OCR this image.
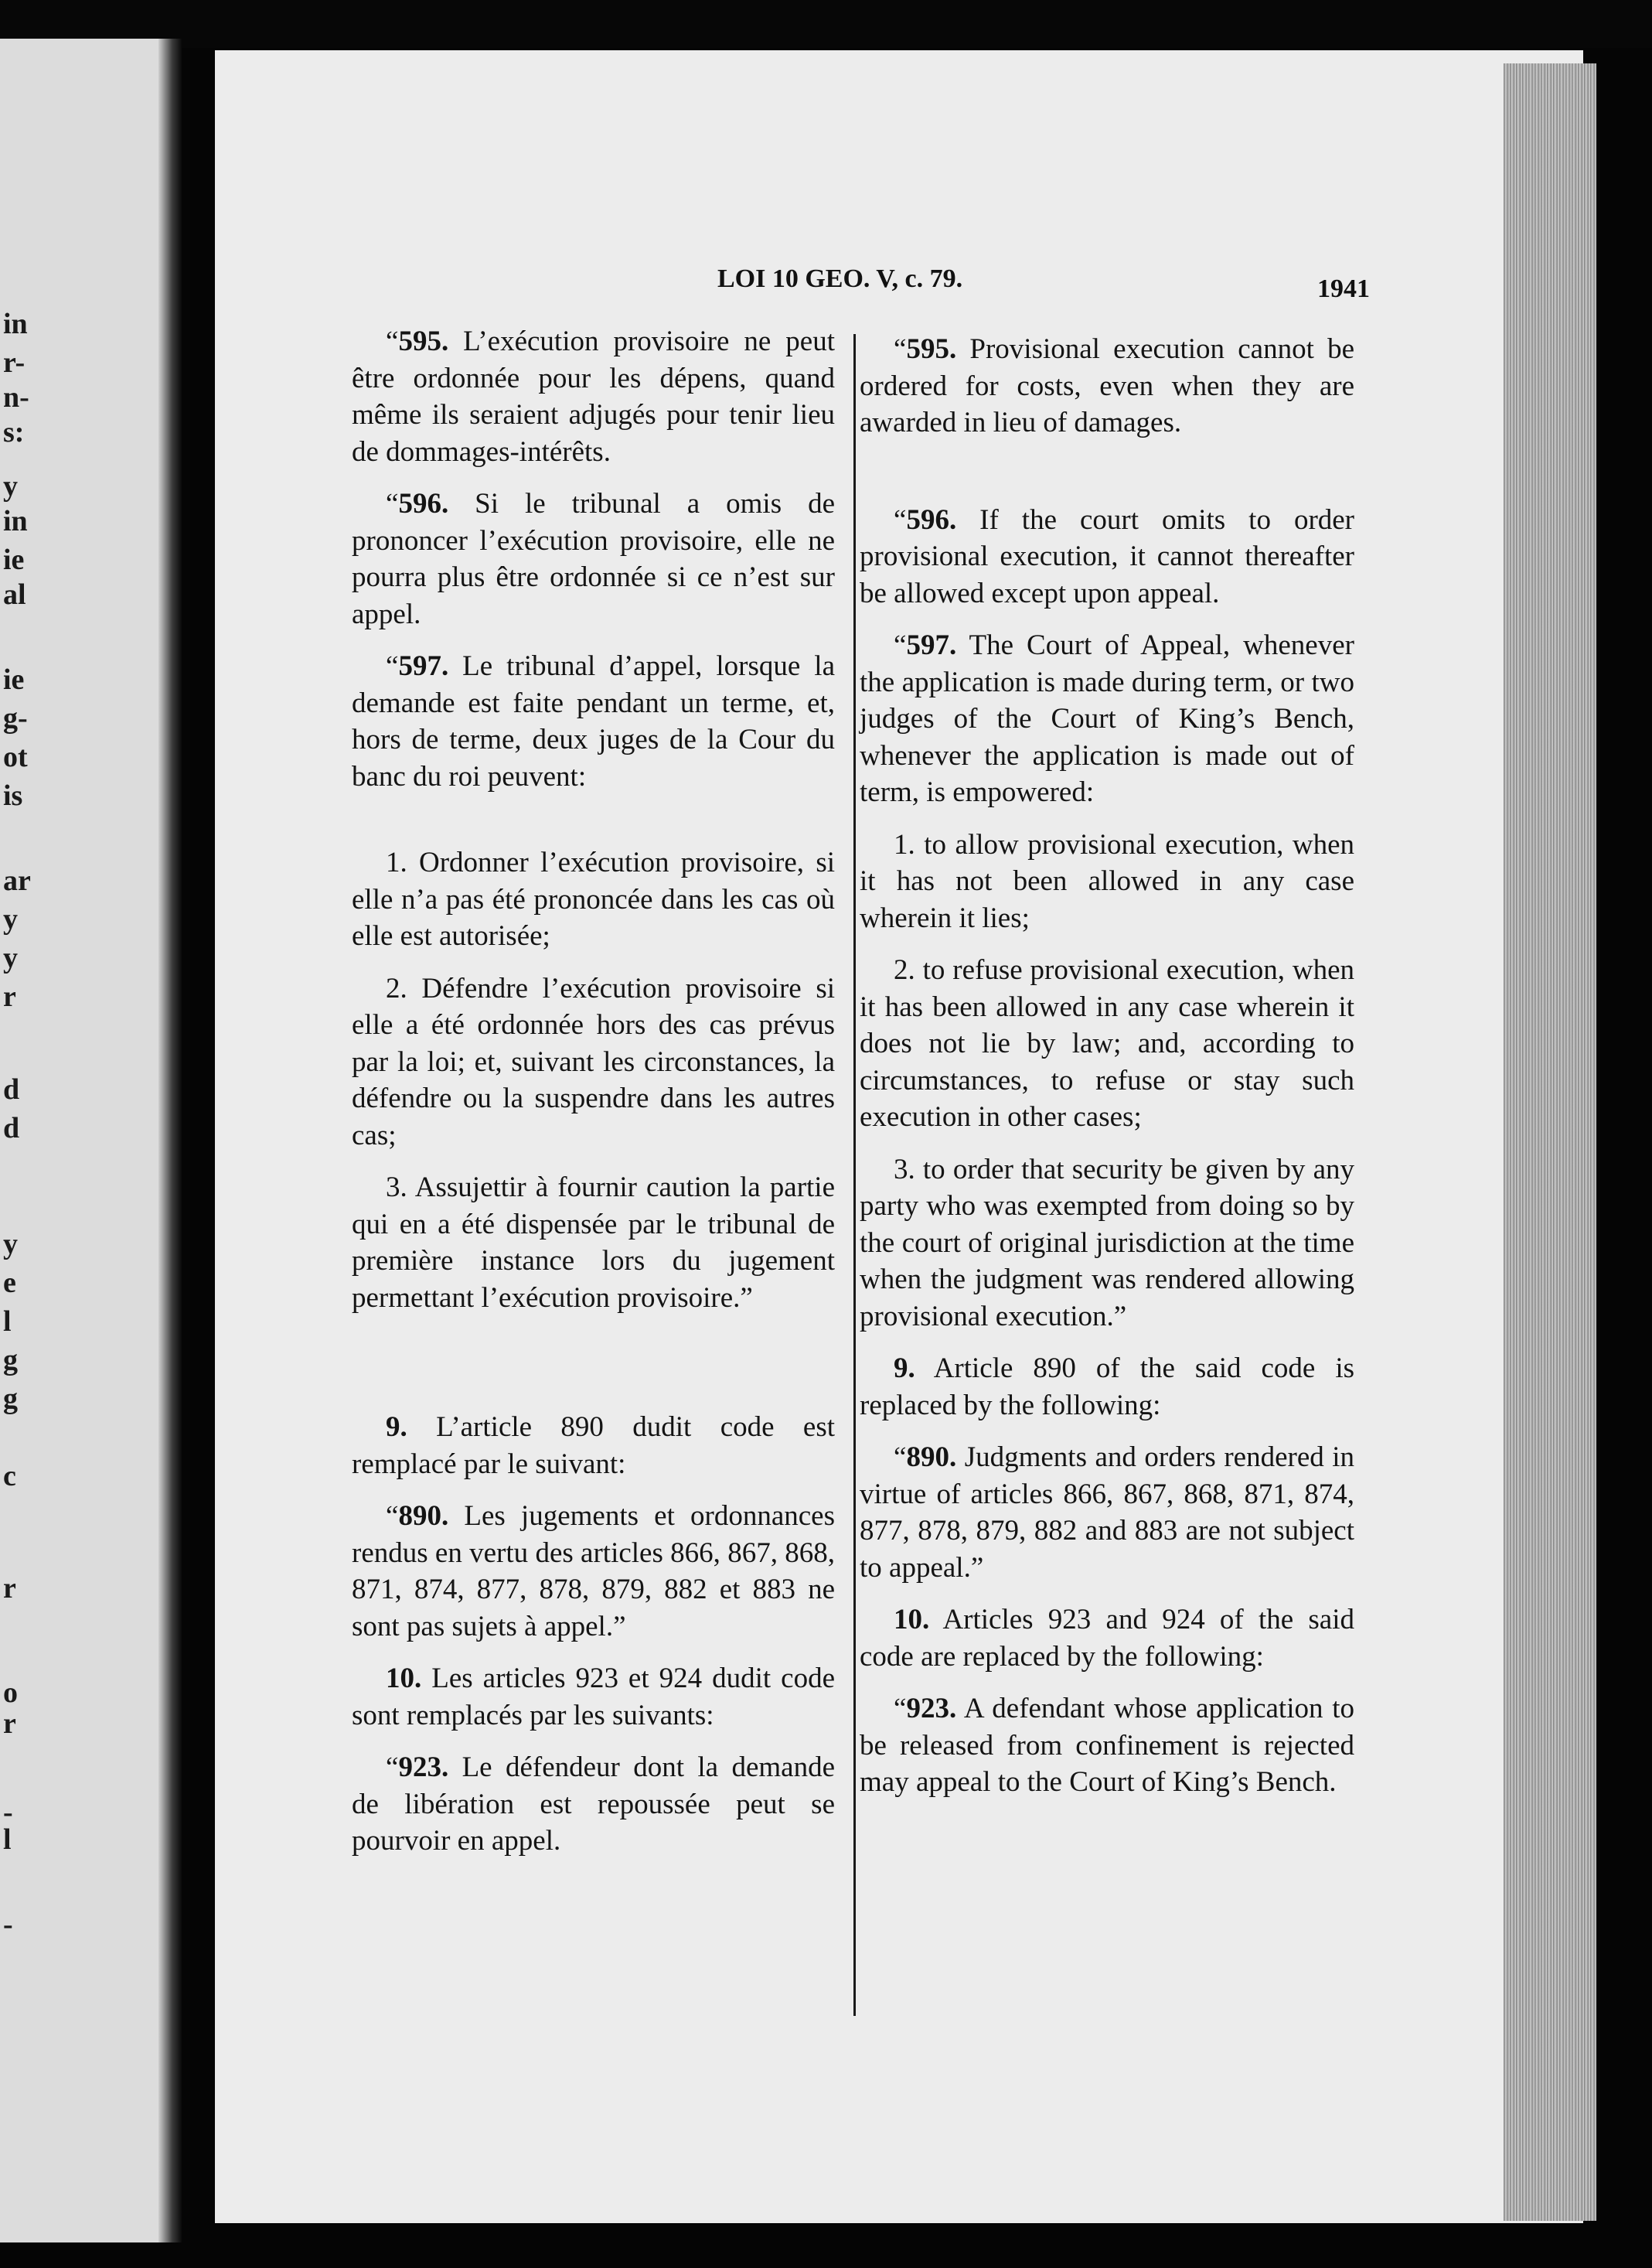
in
r-
n-
s:
y
in
ie
al
ie
g-
ot
is
ar
y
y
r
d
d
y
e
l
g
g
c
r
o
r
-
l
-
LOI 10 GEO. V, c. 79.	1941

“595. L’exécution provisoire ne peut être ordonnée pour les dépens, quand même ils seraient adjugés pour tenir lieu de dommages-intérêts.

“596. Si le tribunal a omis de prononcer l’exécution provisoire, elle ne pourra plus être ordonnée si ce n’est sur appel.

“597. Le tribunal d’appel, lorsque la demande est faite pendant un terme, et, hors de terme, deux juges de la Cour du banc du roi peuvent:

1. Ordonner l’exécution provisoire, si elle n’a pas été prononcée dans les cas où elle est autorisée;

2. Défendre l’exécution provisoire si elle a été ordonnée hors des cas prévus par la loi; et, suivant les circonstances, la défendre ou la suspendre dans les autres cas;

3. Assujettir à fournir caution la partie qui en a été dispensée par le tribunal de première instance lors du jugement permettant l’exécution provisoire.”

9. L’article 890 dudit code est remplacé par le suivant:

“890. Les jugements et ordonnances rendus en vertu des articles 866, 867, 868, 871, 874, 877, 878, 879, 882 et 883 ne sont pas sujets à appel.”

10. Les articles 923 et 924 dudit code sont remplacés par les suivants:

“923. Le défendeur dont la demande de libération est repoussée peut se pourvoir en appel.

“595. Provisional execution cannot be ordered for costs, even when they are awarded in lieu of damages.

“596. If the court omits to order provisional execution, it cannot thereafter be allowed except upon appeal.

“597. The Court of Appeal, whenever the application is made during term, or two judges of the Court of King’s Bench, whenever the application is made out of term, is empowered:

1. to allow provisional execution, when it has not been allowed in any case wherein it lies;

2. to refuse provisional execution, when it has been allowed in any case wherein it does not lie by law; and, according to circumstances, to refuse or stay such execution in other cases;

3. to order that security be given by any party who was exempted from doing so by the court of original jurisdiction at the time when the judgment was rendered allowing provisional execution.”

9. Article 890 of the said code is replaced by the following:

“890. Judgments and orders rendered in virtue of articles 866, 867, 868, 871, 874, 877, 878, 879, 882 and 883 are not subject to appeal.”

10. Articles 923 and 924 of the said code are replaced by the following:

“923. A defendant whose application to be released from confinement is rejected may appeal to the Court of King’s Bench.
